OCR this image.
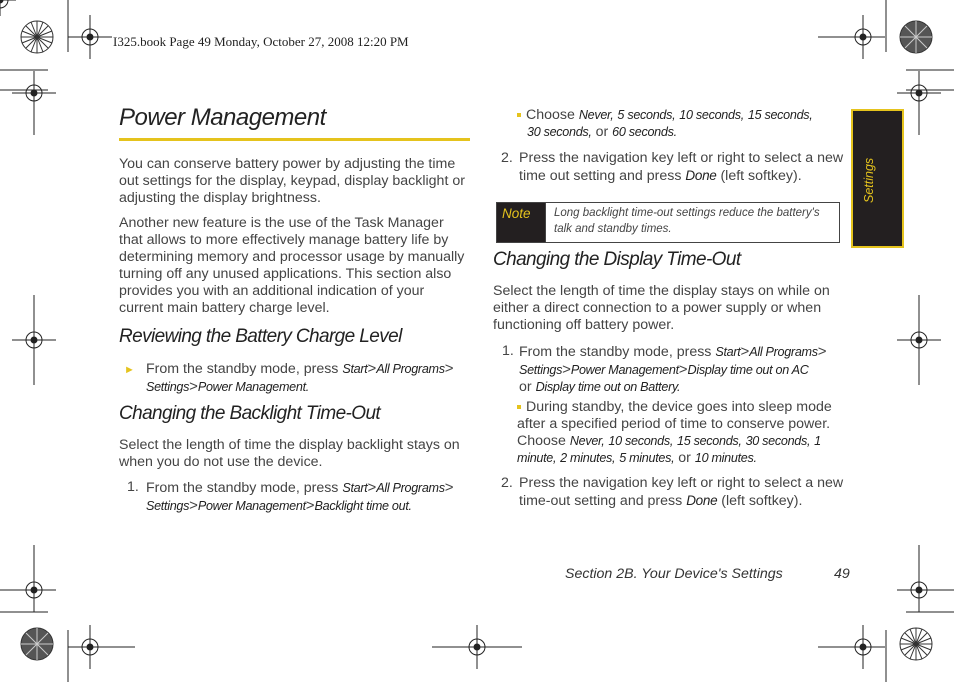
I325.book Page 49 Monday, October 27, 2008 12:20 PM
Power Management
You can conserve battery power by adjusting the time out settings for the display, keypad, display backlight or adjusting the display brightness.
Another new feature is the use of the Task Manager that allows to more effectively manage battery life by determining memory and processor usage by manually turning off any unused applications. This section also provides you with an additional indication of your current main battery charge level.
Reviewing the Battery Charge Level
► From the standby mode, press Start>All Programs>
Settings>Power Management.
Changing the Backlight Time-Out
Select the length of time the display backlight stays on when you do not use the device.
1. From the standby mode, press Start>All Programs>
Settings>Power Management>Backlight time out.
Choose Never, 5 seconds, 10 seconds, 15 seconds,
30 seconds, or 60 seconds.
2. Press the navigation key left or right to select a new time out setting and press Done (left softkey).
Note Long backlight time-out settings reduce the battery's talk and standby times.
Changing the Display Time-Out
Select the length of time the display stays on while on either a direct connection to a power supply or when functioning off battery power.
1. From the standby mode, press Start>All Programs>
Settings>Power Management>Display time out on AC
or Display time out on Battery.
During standby, the device goes into sleep mode after a specified period of time to conserve power. Choose Never, 10 seconds, 15 seconds, 30 seconds, 1 minute, 2 minutes, 5 minutes, or 10 minutes.
2. Press the navigation key left or right to select a new time-out setting and press Done (left softkey).
Settings
Section 2B. Your Device's Settings	49
